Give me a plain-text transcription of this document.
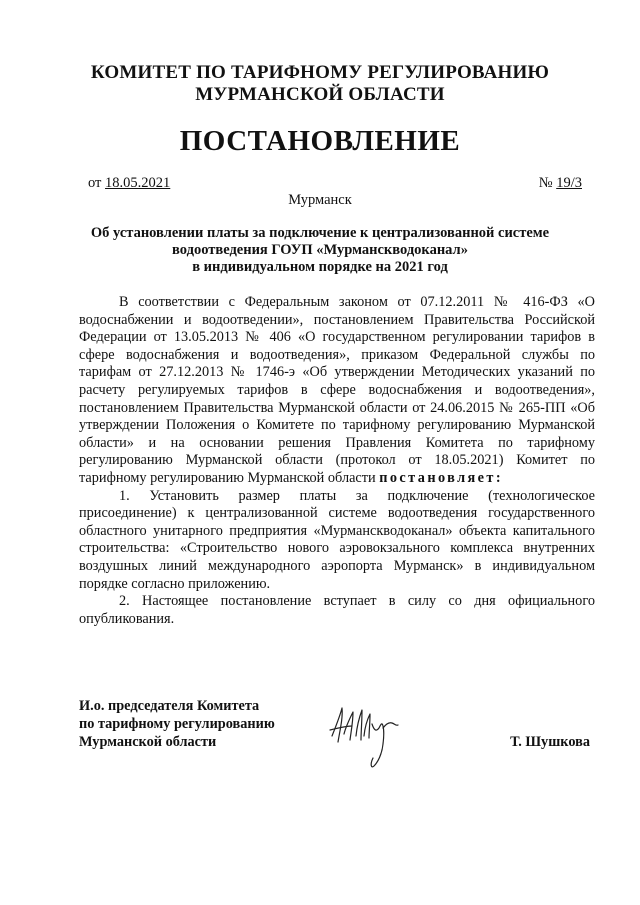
КОМИТЕТ ПО ТАРИФНОМУ РЕГУЛИРОВАНИЮ
МУРМАНСКОЙ ОБЛАСТИ
ПОСТАНОВЛЕНИЕ
от 18.05.2021	№ 19/3
Мурманск
Об установлении платы за подключение к централизованной системе
водоотведения ГОУП «Мурманскводоканал»
в индивидуальном порядке на 2021 год

В соответствии с Федеральным законом от 07.12.2011 № 416-ФЗ «О водоснабжении и водоотведении», постановлением Правительства Российской Федерации от 13.05.2013 № 406 «О государственном регулировании тарифов в сфере водоснабжения и водоотведения», приказом Федеральной службы по тарифам от 27.12.2013 № 1746-э «Об утверждении Методических указаний по расчету регулируемых тарифов в сфере водоснабжения и водоотведения», постановлением Правительства Мурманской области от 24.06.2015 № 265-ПП «Об утверждении Положения о Комитете по тарифному регулированию Мурманской области» и на основании решения Правления Комитета по тарифному регулированию Мурманской области (протокол от 18.05.2021) Комитет по тарифному регулированию Мурманской области постановляет:

1. Установить размер платы за подключение (технологическое присоединение) к централизованной системе водоотведения государственного областного унитарного предприятия «Мурманскводоканал» объекта капитального строительства: «Строительство нового аэровокзального комплекса внутренних воздушных линий международного аэропорта Мурманск» в индивидуальном порядке согласно приложению.

2. Настоящее постановление вступает в силу со дня официального опубликования.

И.о. председателя Комитета
по тарифному регулированию
Мурманской области	Т. Шушкова
